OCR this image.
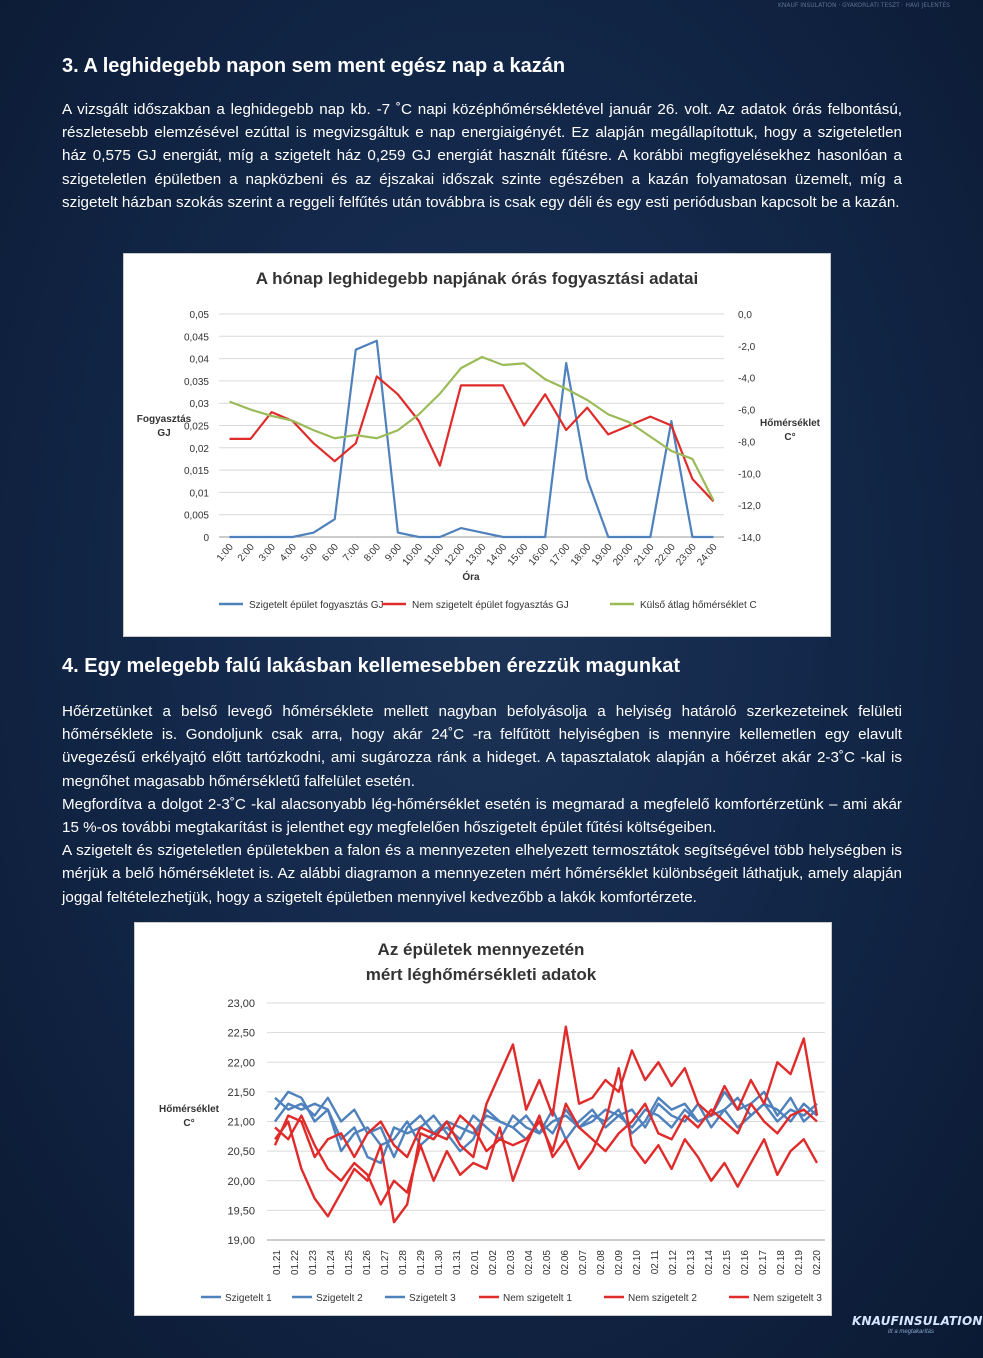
KNAUF INSULATION · GYAKORLATI TESZT · HAVI JELENTÉS
3. A leghidegebb napon sem ment egész nap a kazán

A vizsgált időszakban a leghidegebb nap kb. -7 ˚C napi középhőmérsékletével január 26. volt. Az adatok órás felbontású, részletesebb elemzésével ezúttal is megvizsgáltuk e nap energiaigényét. Ez alapján megállapítottuk, hogy a szigeteletlen ház 0,575 GJ energiát, míg a szigetelt ház 0,259 GJ energiát használt fűtésre. A korábbi megfigyelésekhez hasonlóan a szigeteletlen épületben a napközbeni és az éjszakai időszak szinte egészében a kazán folyamatosan üzemelt, míg a szigetelt házban szokás szerint a reggeli felfűtés után továbbra is csak egy déli és egy esti periódusban kapcsolt be a kazán.

A hónap leghidegebb napjának órás fogyasztási adatai
0
0,005
0,01
0,015
0,02
0,025
0,03
0,035
0,04
0,045
0,05	0,0
-2,0
-4,0
-6,0
-8,0
-10,0
-12,0
-14,0
1:00 2:00 3:00 4:00 5:00 6:00 7:00 8:00 9:00
10:00
11:00
12:00
13:00
14:00
15:00
16:00
17:00
18:00
19:00
20:00
21:00
22:00
23:00
24:00
Fogyasztás
GJ
Hőmérséklet
C°
Óra
Szigetelt épület fogyasztás GJ	Nem szigetelt épület fogyasztás GJ	Külső átlag hőmérséklet C
4. Egy melegebb falú lakásban kellemesebben érezzük magunkat
Hőérzetünket a belső levegő hőmérséklete mellett nagyban befolyásolja a helyiség határoló szerkezeteinek felületi hőmérséklete is. Gondoljunk csak arra, hogy akár 24˚C -ra felfűtött helyiségben is mennyire kellemetlen egy elavult üvegezésű erkélyajtó előtt tartózkodni, ami sugározza ránk a hideget. A tapasztalatok alapján a hőérzet akár 2-3˚C -kal is megnőhet magasabb hőmérsékletű falfelület esetén.
Megfordítva a dolgot 2-3˚C -kal alacsonyabb lég-hőmérséklet esetén is megmarad a megfelelő komfortérzetünk – ami akár 15 %-os további megtakarítást is jelenthet egy megfelelően hőszigetelt épület fűtési költségeiben.
A szigetelt és szigeteletlen épületekben a falon és a mennyezeten elhelyezett termosztátok segítségével több helységben is mérjük a belő hőmérsékletet is. Az alábbi diagramon a mennyezeten mért hőmérséklet különbségeit láthatjuk, amely alapján joggal feltételezhetjük, hogy a szigetelt épületben mennyivel kedvezőbb a lakók komfortérzete.
Az épületek mennyezetén
mért léghőmérsékleti adatok
19,00
19,50
20,00
20,50
21,00
21,50
22,00
22,50
23,00
01.21 01.22 01.23 01.24 01.25 01.26 01.27 01.28 01.29 01.30 01.31 02.01 02.02 02.03 02.04 02.05 02.06 02.07 02.08 02.09 02.10 02.11 02.12 02.13 02.14 02.15 02.16 02.17 02.18 02.19 02.20
Hőmérséklet
C°
Szigetelt 1	Szigetelt 2	Szigetelt 3	Nem szigetelt 1	Nem szigetelt 2	Nem szigetelt 3
KNAUFINSULATION
itt a megtakarítás
